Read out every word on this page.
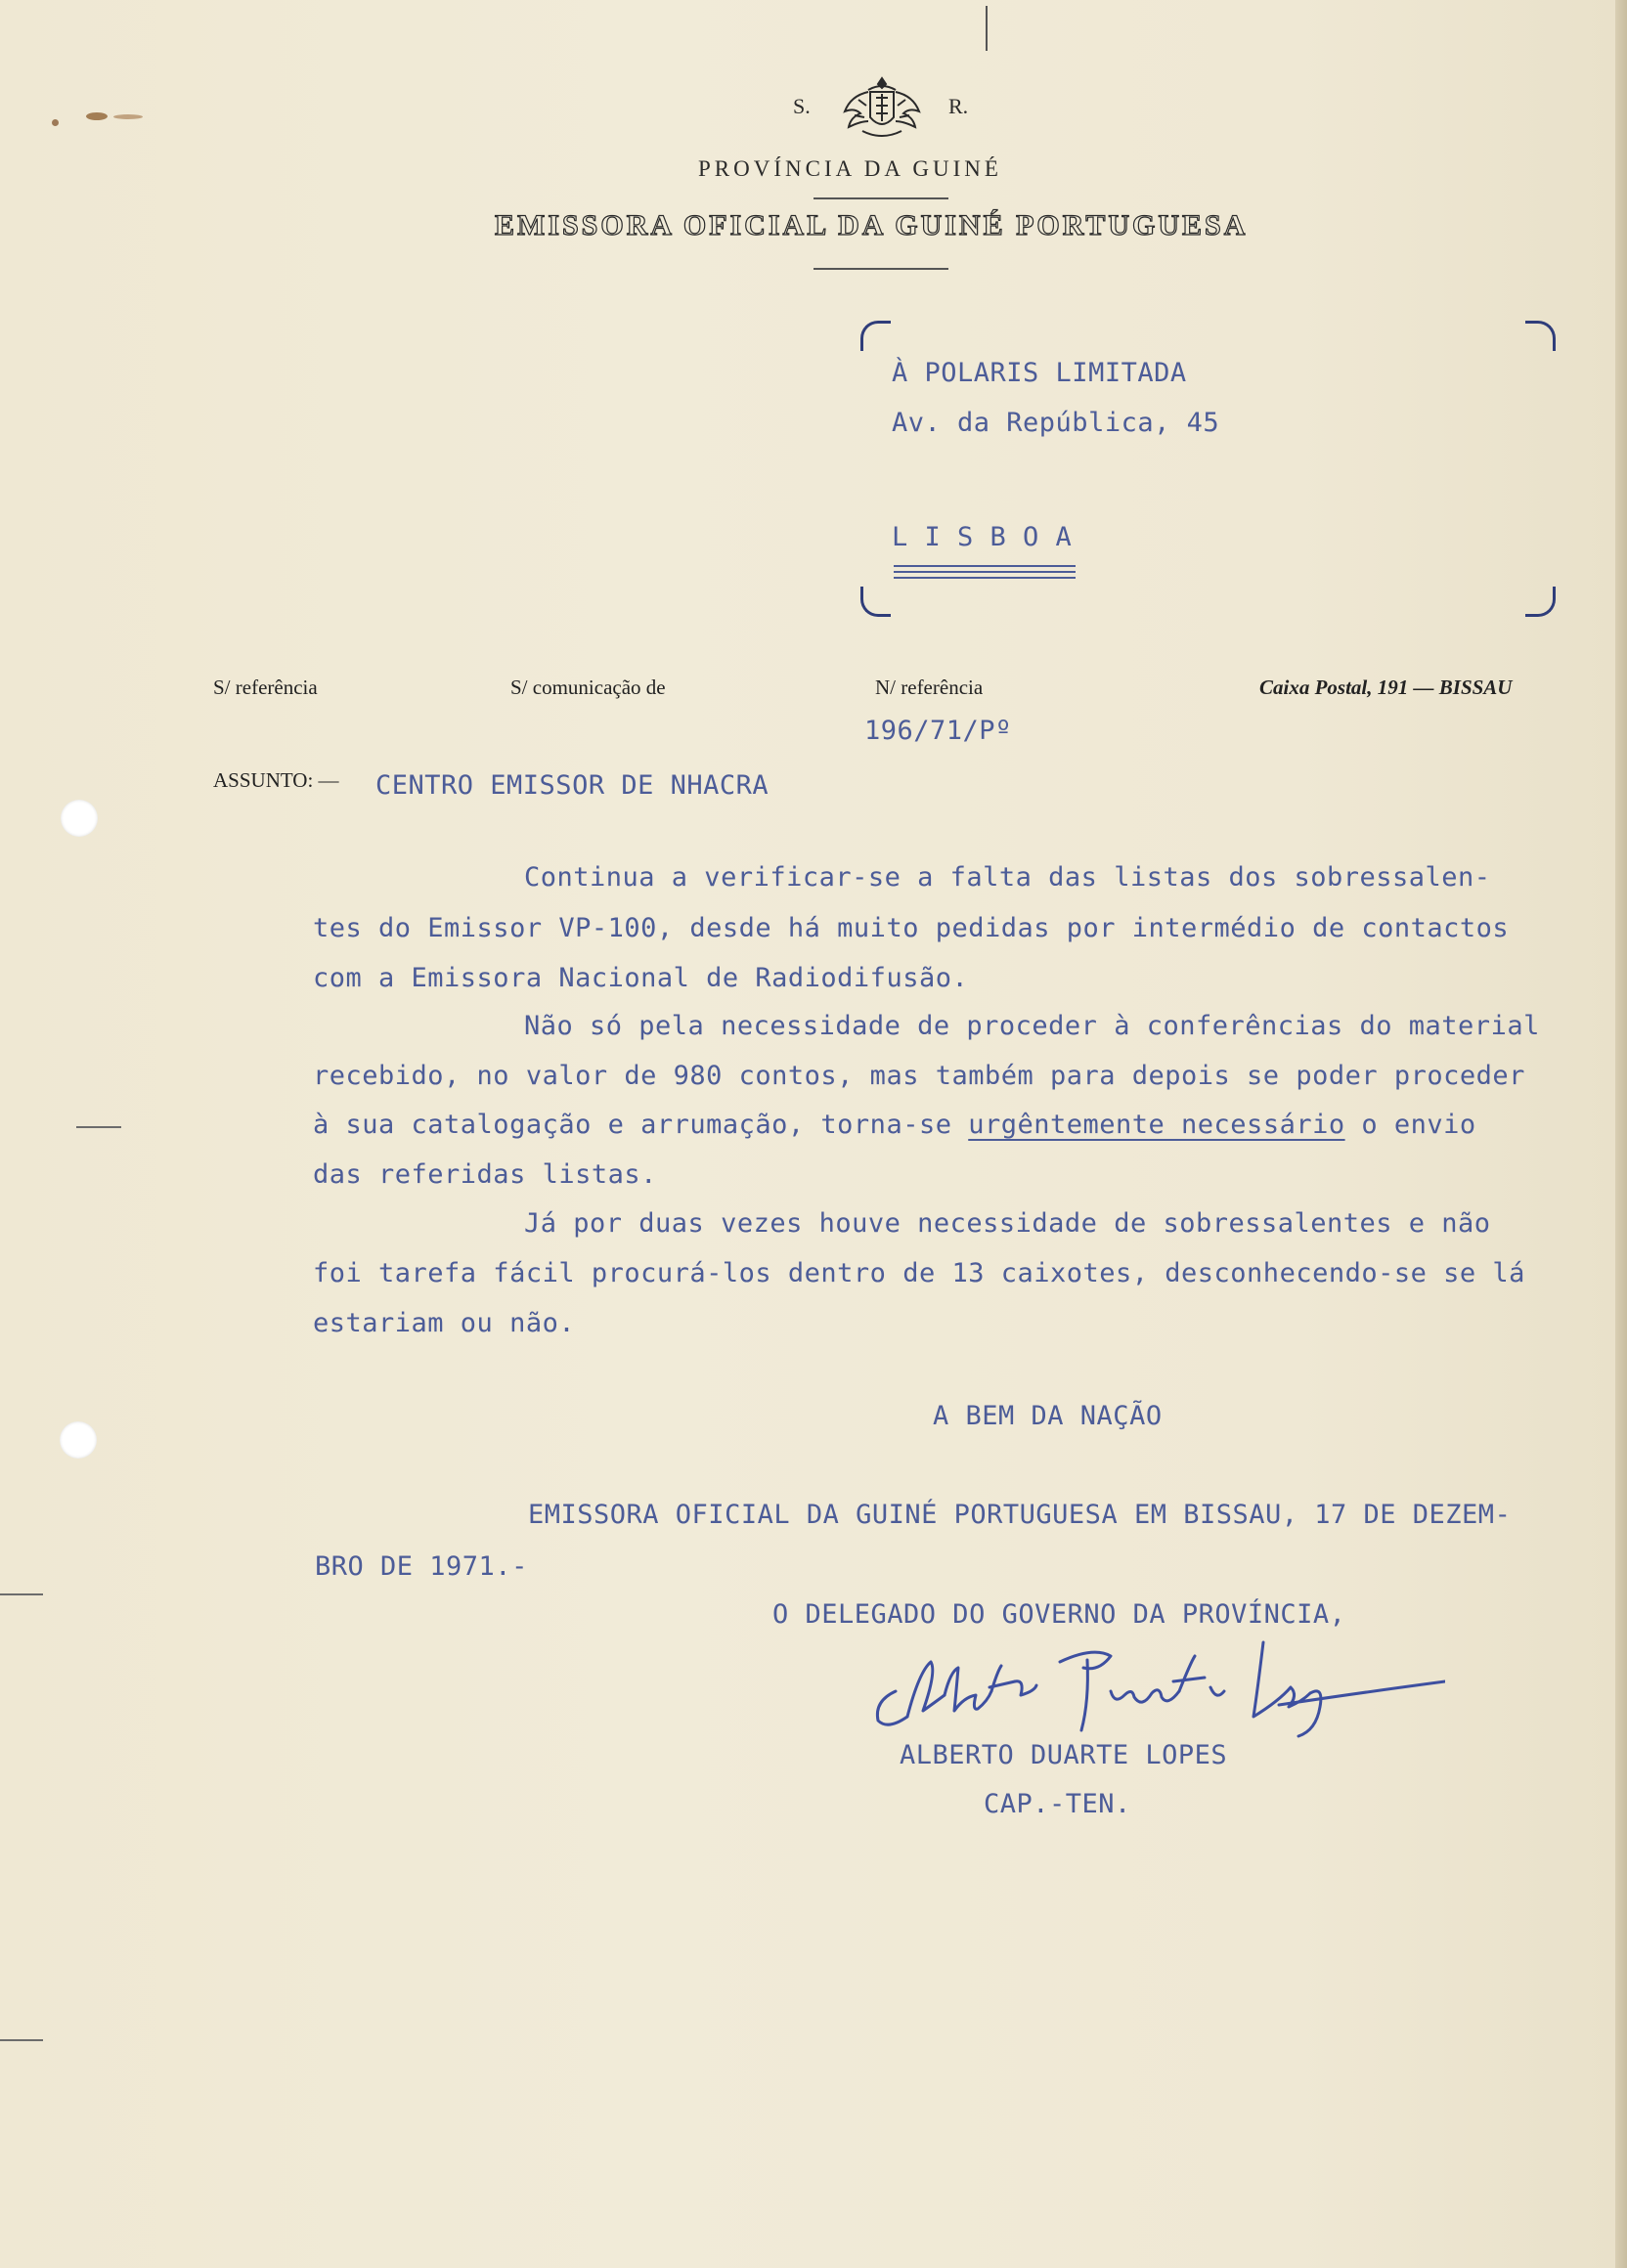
S.	R.
PROVÍNCIA DA GUINÉ
EMISSORA OFICIAL DA GUINÉ PORTUGUESA
À POLARIS LIMITADA
Av. da República, 45
L I S B O A
S/ referência	S/ comunicação de	N/ referência	Caixa Postal, 191 — BISSAU
196/71/Pº
ASSUNTO: — CENTRO EMISSOR DE NHACRA
Continua a verificar-se a falta das listas dos sobressalen-
tes do Emissor VP-100, desde há muito pedidas por intermédio de contactos
com a Emissora Nacional de Radiodifusão.
Não só pela necessidade de proceder à conferências do material
recebido, no valor de 980 contos, mas também para depois se poder proceder
à sua catalogação e arrumação, torna-se urgêntemente necessário o envio
das referidas listas.
Já por duas vezes houve necessidade de sobressalentes e não
foi tarefa fácil procurá-los dentro de 13 caixotes, desconhecendo-se se lá
estariam ou não.
A BEM DA NAÇÃO
EMISSORA OFICIAL DA GUINÉ PORTUGUESA EM BISSAU, 17 DE DEZEM-
BRO DE 1971.-
O DELEGADO DO GOVERNO DA PROVÍNCIA,
ALBERTO DUARTE LOPES
CAP.-TEN.
